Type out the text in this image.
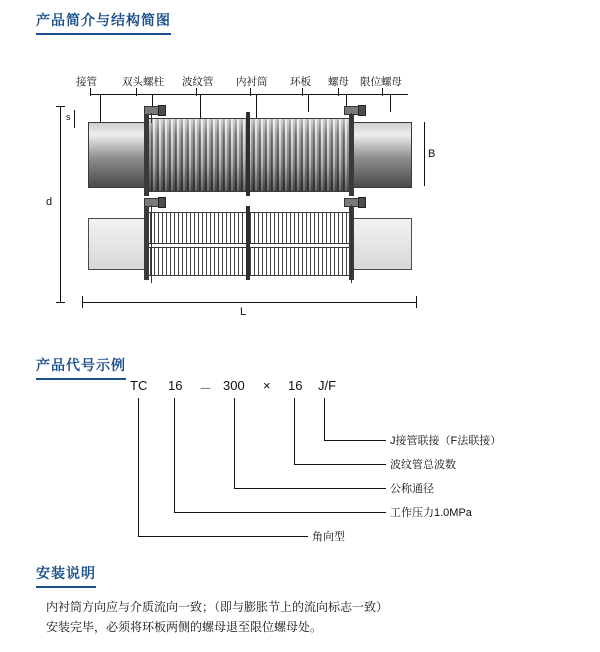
产品简介与结构简图
接管 双头螺柱 波纹管 内衬筒 环板 螺母 限位螺母
d
s
L
B
产品代号示例
TC 16 － 300 × 16 J/F
J接管联接（F法联接）
波纹管总波数
公称通径
工作压力1.0MPa
角向型
安装说明
内衬筒方向应与介质流向一致；（即与膨胀节上的流向标志一致）
安装完毕，必须将环板两侧的螺母退至限位螺母处。
